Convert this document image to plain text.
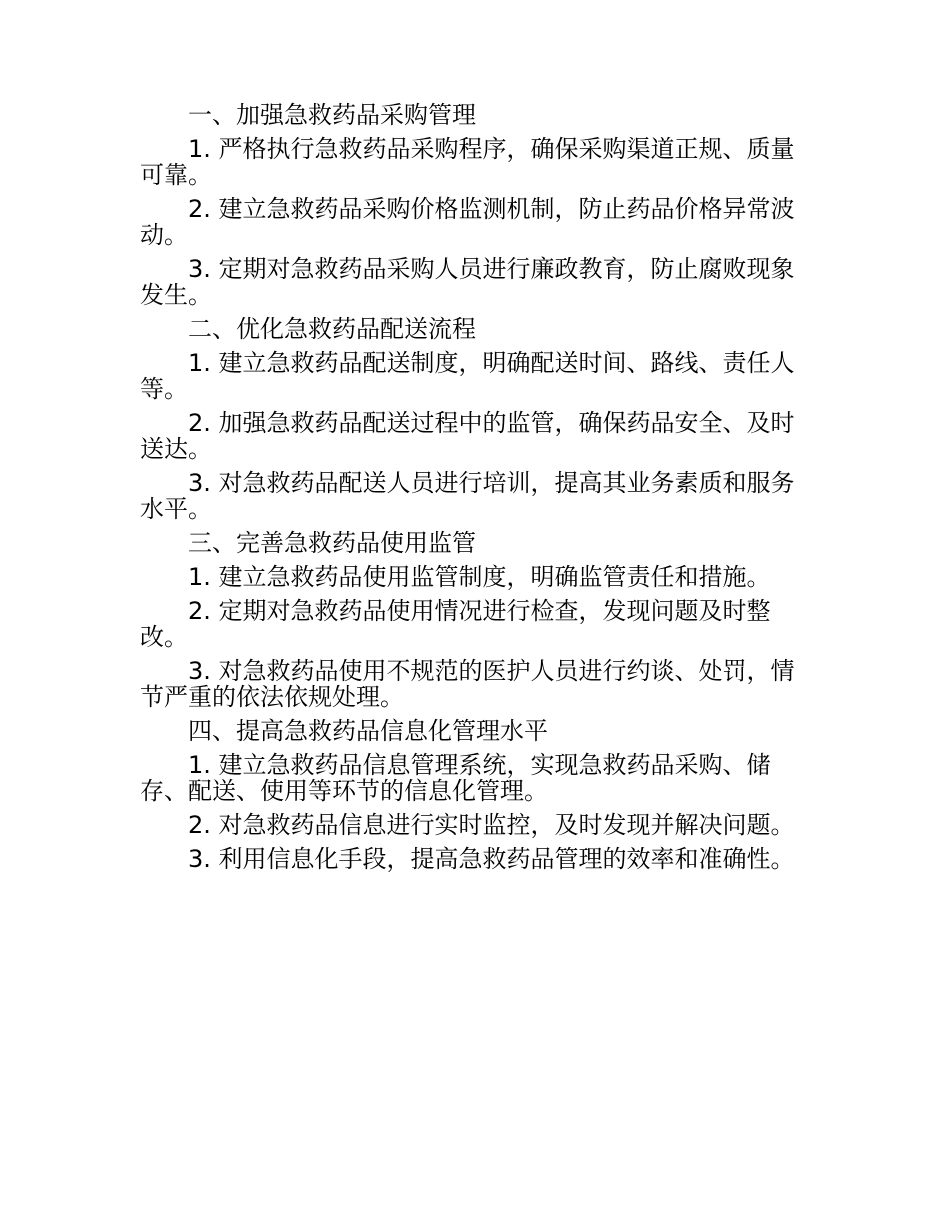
一、加强急救药品采购管理

1. 严格执行急救药品采购程序，确保采购渠道正规、质量可靠。

2. 建立急救药品采购价格监测机制，防止药品价格异常波动。

3. 定期对急救药品采购人员进行廉政教育，防止腐败现象发生。

二、优化急救药品配送流程

1. 建立急救药品配送制度，明确配送时间、路线、责任人等。

2. 加强急救药品配送过程中的监管，确保药品安全、及时送达。

3. 对急救药品配送人员进行培训，提高其业务素质和服务水平。

三、完善急救药品使用监管

1. 建立急救药品使用监管制度，明确监管责任和措施。

2. 定期对急救药品使用情况进行检查，发现问题及时整改。

3. 对急救药品使用不规范的医护人员进行约谈、处罚，情节严重的依法依规处理。

四、提高急救药品信息化管理水平

1. 建立急救药品信息管理系统，实现急救药品采购、储存、配送、使用等环节的信息化管理。

2. 对急救药品信息进行实时监控，及时发现并解决问题。

3. 利用信息化手段，提高急救药品管理的效率和准确性。
